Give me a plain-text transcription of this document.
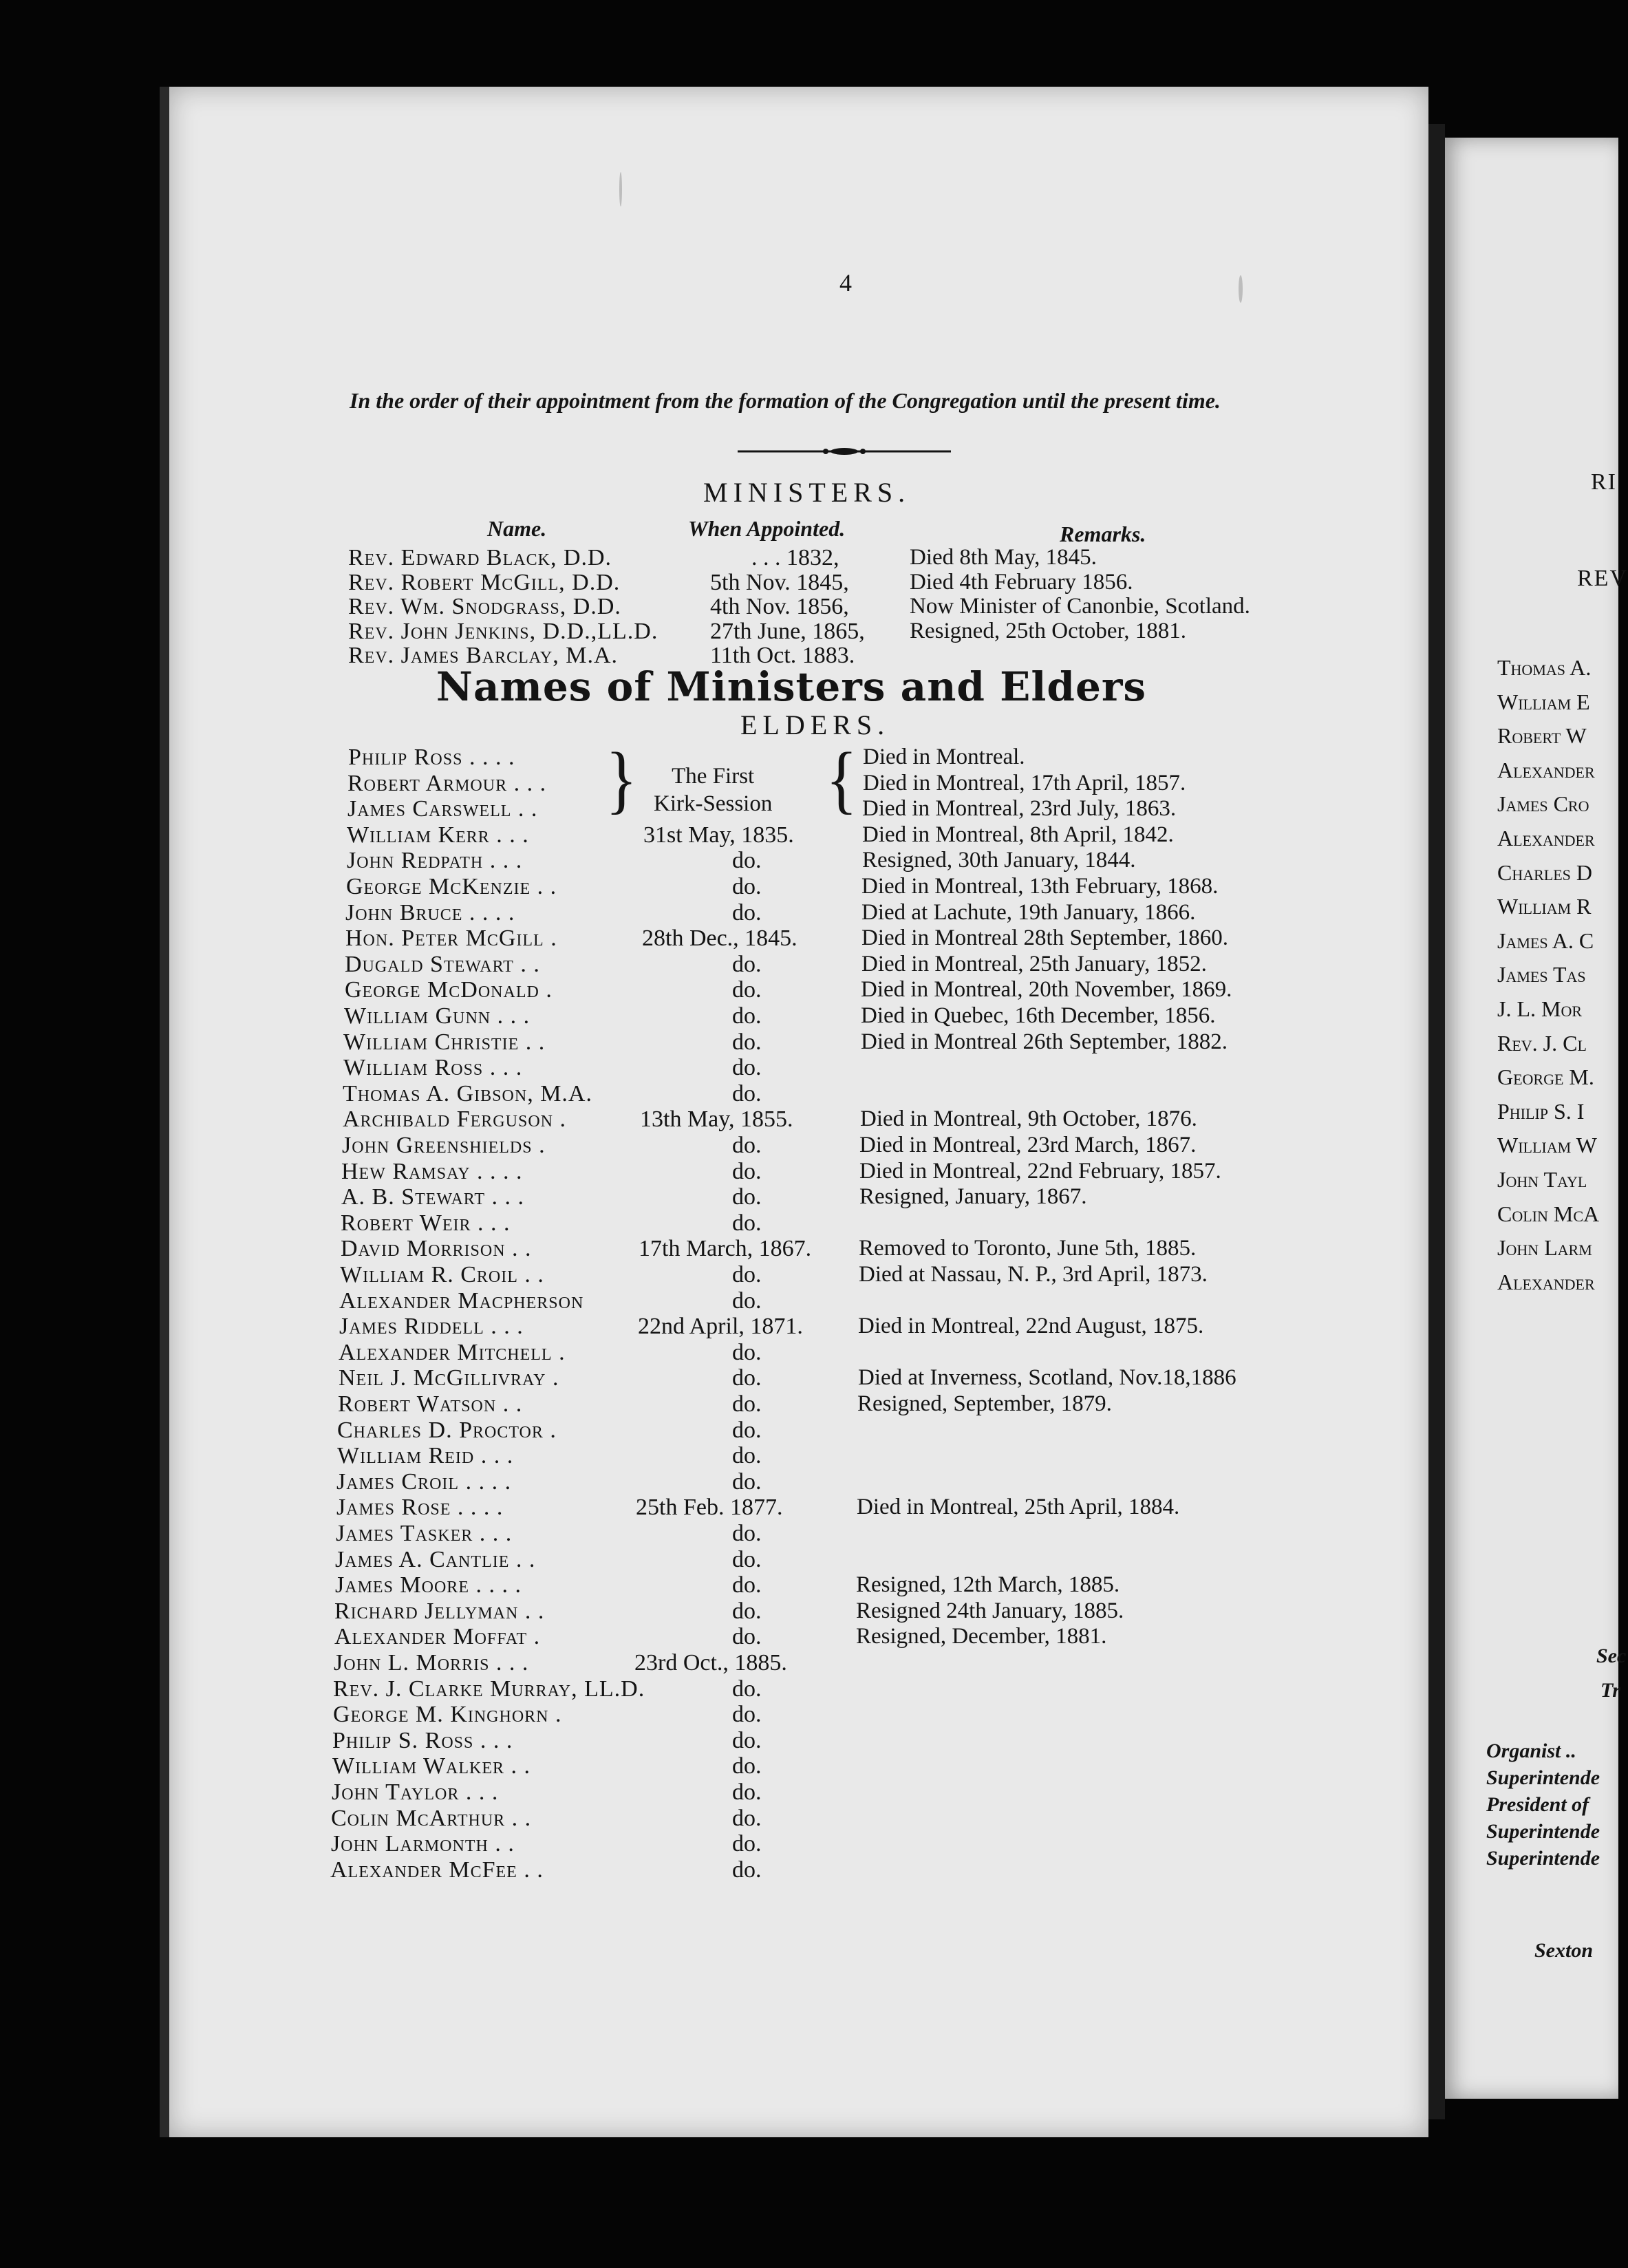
4
Names of Ministers and Elders
In the order of their appointment from the formation of the Congregation until the present time.
MINISTERS.
Name.	When Appointed.	Remarks.
Rev. Edward Black, D.D.	. . . 1832,	Died 8th May, 1845.
Rev. Robert McGill, D.D.	5th Nov. 1845,	Died 4th February 1856.
Rev. Wm. Snodgrass, D.D.	4th Nov. 1856,	Now Minister of Canonbie, Scotland.
Rev. John Jenkins, D.D.,LL.D. 27th June, 1865, Resigned, 25th October, 1881.
Rev. James Barclay, M.A.	11th Oct. 1883.
ELDERS.
}	The First
Kirk-Session {
Philip Ross . . . .	Died in Montreal.
Robert Armour . . .	Died in Montreal, 17th April, 1857.
James Carswell . .	Died in Montreal, 23rd July, 1863.
William Kerr . . .	31st May, 1835.	Died in Montreal, 8th April, 1842.
John Redpath . . .	do.	Resigned, 30th January, 1844.
George McKenzie . .	do.	Died in Montreal, 13th February, 1868.
John Bruce . . . .	do.	Died at Lachute, 19th January, 1866.
Hon. Peter McGill .	28th Dec., 1845.	Died in Montreal 28th September, 1860.
Dugald Stewart . .	do.	Died in Montreal, 25th January, 1852.
George McDonald .	do.	Died in Montreal, 20th November, 1869.
William Gunn . . .	do.	Died in Quebec, 16th December, 1856.
William Christie . .	do.	Died in Montreal 26th September, 1882.
William Ross . . .	do.
Thomas A. Gibson, M.A.	do.
Archibald Ferguson .	13th May, 1855.	Died in Montreal, 9th October, 1876.
John Greenshields .	do.	Died in Montreal, 23rd March, 1867.
Hew Ramsay . . . .	do.	Died in Montreal, 22nd February, 1857.
A. B. Stewart . . .	do.	Resigned, January, 1867.
Robert Weir . . .	do.
David Morrison . .	17th March, 1867. Removed to Toronto, June 5th, 1885.
William R. Croil . .	do.	Died at Nassau, N. P., 3rd April, 1873.
Alexander Macpherson	do.
James Riddell . . .	22nd April, 1871. Died in Montreal, 22nd August, 1875.
Alexander Mitchell .	do.
Neil J. McGillivray .	do.	Died at Inverness, Scotland, Nov.18,1886
Robert Watson . .	do.	Resigned, September, 1879.
Charles D. Proctor .	do.
William Reid . . .	do.
James Croil . . . .	do.
James Rose . . . .	25th Feb. 1877.	Died in Montreal, 25th April, 1884.
James Tasker . . .	do.
James A. Cantlie . .	do.
James Moore . . . .	do.	Resigned, 12th March, 1885.
Richard Jellyman . .	do.	Resigned 24th January, 1885.
Alexander Moffat .	do.	Resigned, December, 1881.
John L. Morris . . .	23rd Oct., 1885.
Rev. J. Clarke Murray, LL.D.	do.
George M. Kinghorn .	do.
Philip S. Ross . . .	do.
William Walker . .	do.
John Taylor . . .	do.
Colin McArthur . .	do.
John Larmonth . .	do.
Alexander McFee . .	do.
RI
REV
Thomas A.
William E
Robert W
Alexander
James Cro
Alexander
Charles D
William R
James A. C
James Tas
J. L. Mor
Rev. J. Cl
George M.
Philip S. I
William W
John Tayl
Colin McA
John Larm
Alexander
Sec
Tr
Organist ..
Superintende
President of
Superintende
Superintende
Sexton
